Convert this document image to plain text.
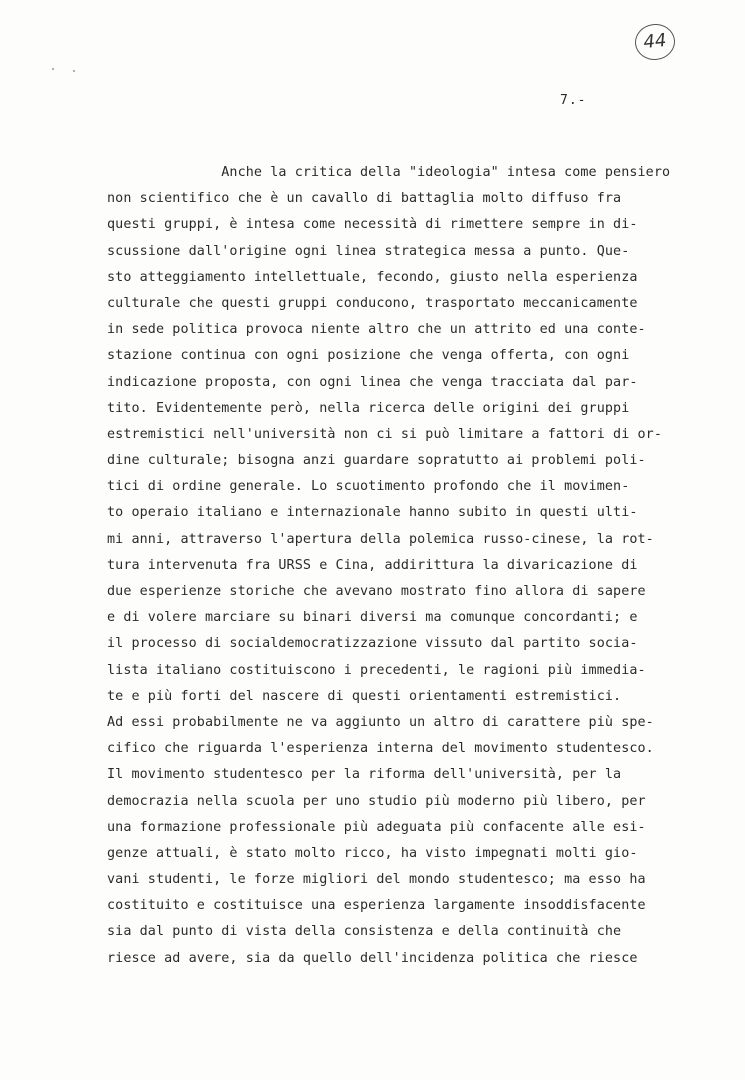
44
7.-
Anche la critica della "ideologia" intesa come pensiero
non scientifico che è un cavallo di battaglia molto diffuso fra
questi gruppi, è intesa come necessità di rimettere sempre in di-
scussione dall'origine ogni linea strategica messa a punto. Que-
sto atteggiamento intellettuale, fecondo, giusto nella esperienza
culturale che questi gruppi conducono, trasportato meccanicamente
in sede politica provoca niente altro che un attrito ed una conte-
stazione continua con ogni posizione che venga offerta, con ogni
indicazione proposta, con ogni linea che venga tracciata dal par-
tito. Evidentemente però, nella ricerca delle origini dei gruppi
estremistici nell'università non ci si può limitare a fattori di or-
dine culturale; bisogna anzi guardare sopratutto ai problemi poli-
tici di ordine generale. Lo scuotimento profondo che il movimen-
to operaio italiano e internazionale hanno subito in questi ulti-
mi anni, attraverso l'apertura della polemica russo-cinese, la rot-
tura intervenuta fra URSS e Cina, addirittura la divaricazione di
due esperienze storiche che avevano mostrato fino allora di sapere
e di volere marciare su binari diversi ma comunque concordanti; e
il processo di socialdemocratizzazione vissuto dal partito socia-
lista italiano costituiscono i precedenti, le ragioni più immedia-
te e più forti del nascere di questi orientamenti estremistici.
Ad essi probabilmente ne va aggiunto un altro di carattere più spe-
cifico che riguarda l'esperienza interna del movimento studentesco.
Il movimento studentesco per la riforma dell'università, per la
democrazia nella scuola per uno studio più moderno più libero, per
una formazione professionale più adeguata più confacente alle esi-
genze attuali, è stato molto ricco, ha visto impegnati molti gio-
vani studenti, le forze migliori del mondo studentesco; ma esso ha
costituito e costituisce una esperienza largamente insoddisfacente
sia dal punto di vista della consistenza e della continuità che
riesce ad avere, sia da quello dell'incidenza politica che riesce
